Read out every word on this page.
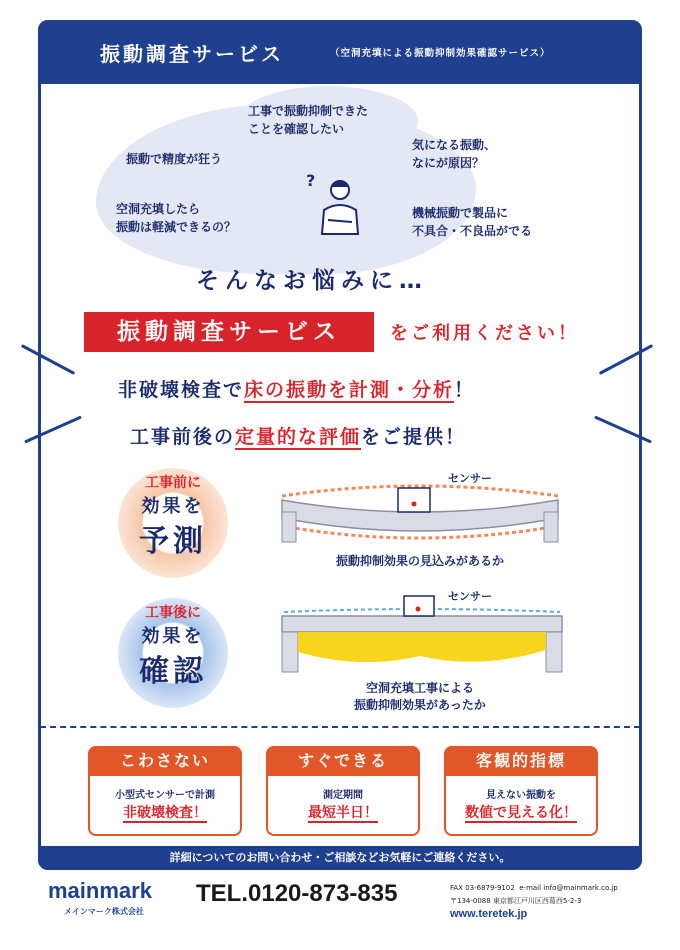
振動調査サービス	（空洞充填による振動抑制効果確認サービス）
工事で振動抑制できた
ことを確認したい
振動で精度が狂う
空洞充填したら
振動は軽減できるの？
気になる振動、
なにが原因？
機械振動で製品に
不具合・不良品がでる
?
そんなお悩みに…
振動調査サービス	をご利用ください！
非破壊検査で床の振動を計測・分析！
工事前後の定量的な評価をご提供！
工事前に
効果を
予測
センサー
振動抑制効果の見込みがあるか
工事後に
効果を
確認
センサー
空洞充填工事による
振動抑制効果があったか
こわさない
小型式センサーで計測
非破壊検査！
すぐできる
測定期間
最短半日！
客観的指標
見えない振動を
数値で見える化！
詳細についてのお問い合わせ・ご相談などお気軽にご連絡ください。
mainmark
メインマーク株式会社
TEL.0120-873-835	FAX 03-6879-9102 e-mail info@mainmark.co.jp
〒134-0088 東京都江戸川区西葛西5-2-3
www.teretek.jp
